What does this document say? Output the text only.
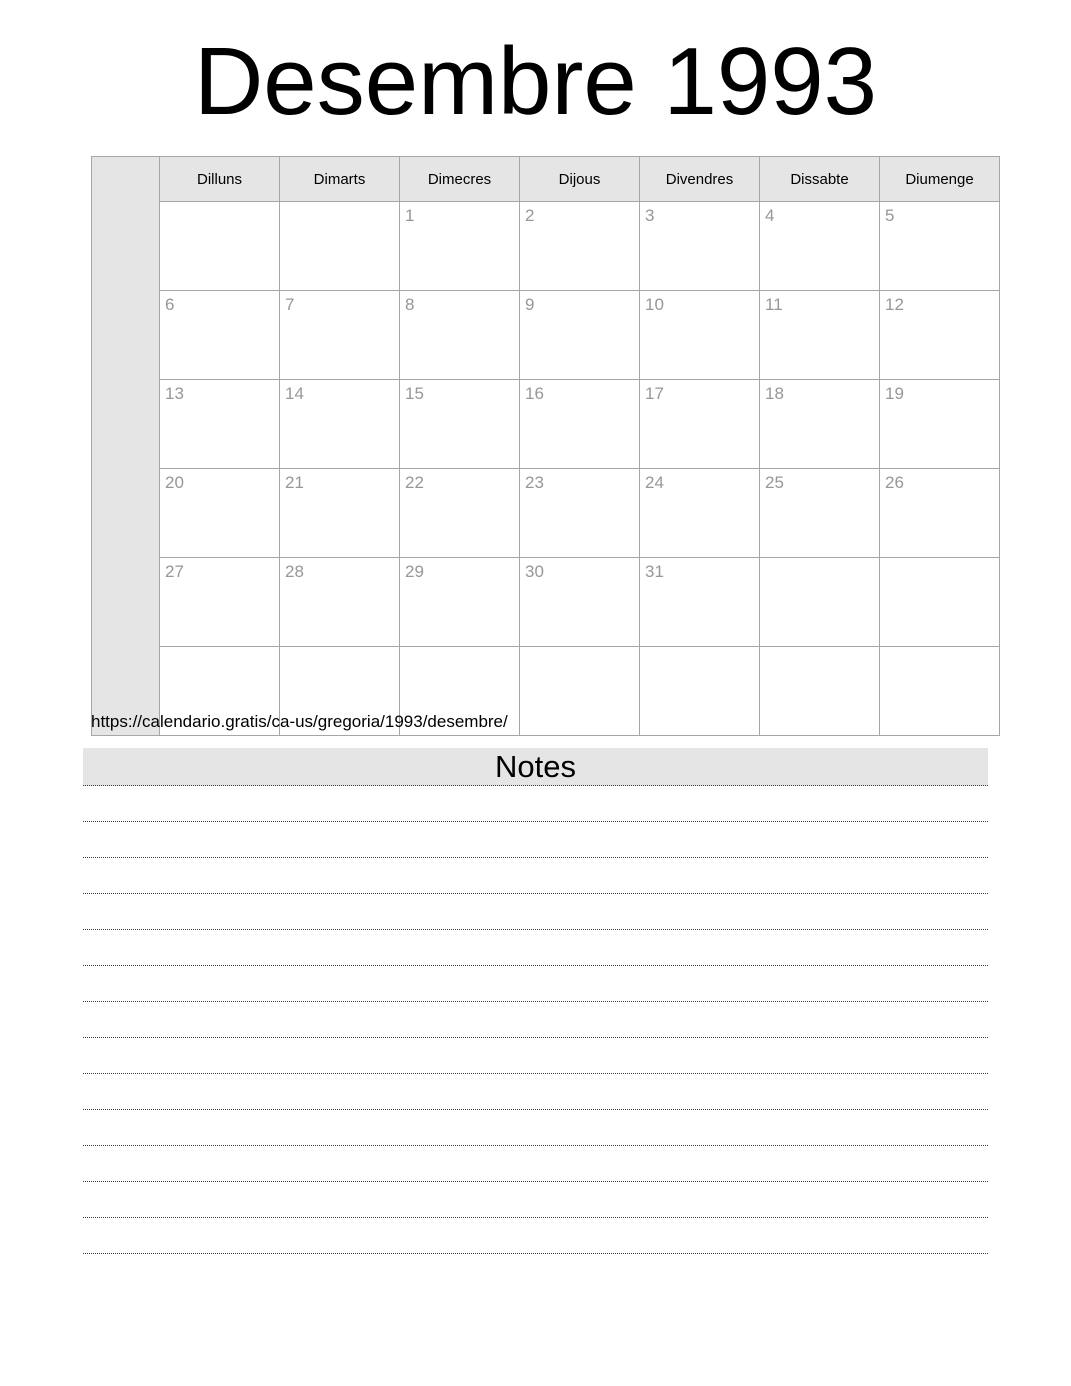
Desembre 1993
	Dilluns	Dimarts	Dimecres	Dijous	Divendres	Dissabte	Diumenge
			1	2	3	4	5
	6	7	8	9	10	11	12
	13	14	15	16	17	18	19
	20	21	22	23	24	25	26
	27	28	29	30	31		

https://calendario.gratis/ca-us/gregoria/1993/desembre/
Notes
